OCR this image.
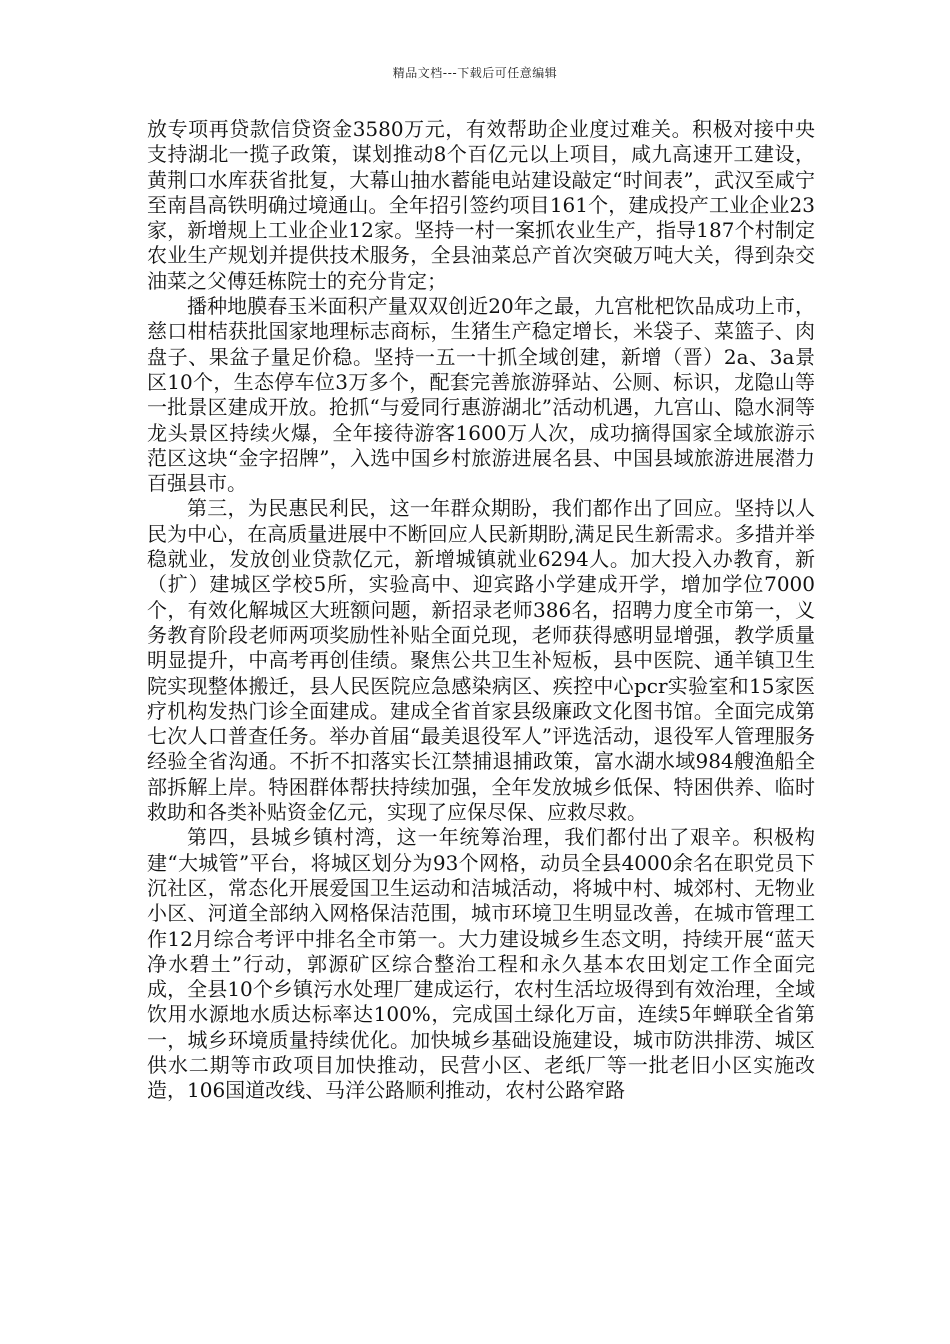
精品文档---下载后可任意编辑

放专项再贷款信贷资金3580万元，有效帮助企业度过难关。积极对接中央支持湖北一揽子政策，谋划推动8个百亿元以上项目，咸九高速开工建设，黄荆口水库获省批复，大幕山抽水蓄能电站建设敲定“时间表”，武汉至咸宁至南昌高铁明确过境通山。全年招引签约项目161个，建成投产工业企业23家，新增规上工业企业12家。坚持一村一案抓农业生产，指导187个村制定农业生产规划并提供技术服务，全县油菜总产首次突破万吨大关，得到杂交油菜之父傅廷栋院士的充分肯定；

播种地膜春玉米面积产量双双创近20年之最，九宫枇杷饮品成功上市，慈口柑桔获批国家地理标志商标，生猪生产稳定增长，米袋子、菜篮子、肉盘子、果盆子量足价稳。坚持一五一十抓全域创建，新增（晋）2a、3a景区10个，生态停车位3万多个，配套完善旅游驿站、公厕、标识，龙隐山等一批景区建成开放。抢抓“与爱同行惠游湖北”活动机遇，九宫山、隐水洞等龙头景区持续火爆，全年接待游客1600万人次，成功摘得国家全域旅游示范区这块“金字招牌”，入选中国乡村旅游进展名县、中国县域旅游进展潜力百强县市。

第三，为民惠民利民，这一年群众期盼，我们都作出了回应。坚持以人民为中心，在高质量进展中不断回应人民新期盼,满足民生新需求。多措并举稳就业，发放创业贷款亿元，新增城镇就业6294人。加大投入办教育，新（扩）建城区学校5所，实验高中、迎宾路小学建成开学，增加学位7000个，有效化解城区大班额问题，新招录老师386名，招聘力度全市第一，义务教育阶段老师两项奖励性补贴全面兑现，老师获得感明显增强，教学质量明显提升，中高考再创佳绩。聚焦公共卫生补短板，县中医院、通羊镇卫生院实现整体搬迁，县人民医院应急感染病区、疾控中心pcr实验室和15家医疗机构发热门诊全面建成。建成全省首家县级廉政文化图书馆。全面完成第七次人口普查任务。举办首届“最美退役军人”评选活动，退役军人管理服务经验全省沟通。不折不扣落实长江禁捕退捕政策，富水湖水域984艘渔船全部拆解上岸。特困群体帮扶持续加强，全年发放城乡低保、特困供养、临时救助和各类补贴资金亿元，实现了应保尽保、应救尽救。

第四，县城乡镇村湾，这一年统筹治理，我们都付出了艰辛。积极构建“大城管”平台，将城区划分为93个网格，动员全县4000余名在职党员下沉社区，常态化开展爱国卫生运动和洁城活动，将城中村、城郊村、无物业小区、河道全部纳入网格保洁范围，城市环境卫生明显改善，在城市管理工作12月综合考评中排名全市第一。大力建设城乡生态文明，持续开展“蓝天净水碧土”行动，郭源矿区综合整治工程和永久基本农田划定工作全面完成，全县10个乡镇污水处理厂建成运行，农村生活垃圾得到有效治理，全域饮用水源地水质达标率达100%，完成国土绿化万亩，连续5年蝉联全省第一，城乡环境质量持续优化。加快城乡基础设施建设，城市防洪排涝、城区供水二期等市政项目加快推动，民营小区、老纸厂等一批老旧小区实施改造，106国道改线、马洋公路顺利推动，农村公路窄路
